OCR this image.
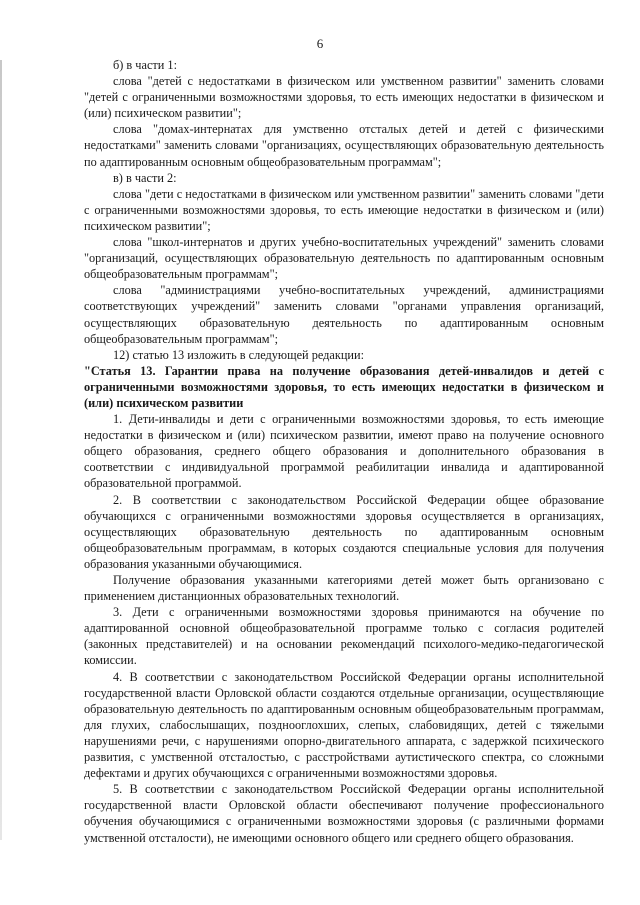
6

б) в части 1:

слова "детей с недостатками в физическом или умственном развитии" заменить словами "детей с ограниченными возможностями здоровья, то есть имеющих недостатки в физическом и (или) психическом развитии";

слова "домах-интернатах для умственно отсталых детей и детей с физическими недостатками" заменить словами "организациях, осуществляющих образовательную деятельность по адаптированным основным общеобразовательным программам";

в) в части 2:

слова "дети с недостатками в физическом или умственном развитии" заменить словами "дети с ограниченными возможностями здоровья, то есть имеющие недостатки в физическом и (или) психическом развитии";

слова "школ-интернатов и других учебно-воспитательных учреждений" заменить словами "организаций, осуществляющих образовательную деятельность по адаптированным основным общеобразовательным программам";

слова "администрациями учебно-воспитательных учреждений, администрациями соответствующих учреждений" заменить словами "органами управления организаций, осуществляющих образовательную деятельность по адаптированным основным общеобразовательным программам";

12) статью 13 изложить в следующей редакции:

"Статья 13. Гарантии права на получение образования детей-инвалидов и детей с ограниченными возможностями здоровья, то есть имеющих недостатки в физическом и (или) психическом развитии

1. Дети-инвалиды и дети с ограниченными возможностями здоровья, то есть имеющие недостатки в физическом и (или) психическом развитии, имеют право на получение основного общего образования, среднего общего образования и дополнительного образования в соответствии с индивидуальной программой реабилитации инвалида и адаптированной образовательной программой.

2. В соответствии с законодательством Российской Федерации общее образование обучающихся с ограниченными возможностями здоровья осуществляется в организациях, осуществляющих образовательную деятельность по адаптированным основным общеобразовательным программам, в которых создаются специальные условия для получения образования указанными обучающимися.

Получение образования указанными категориями детей может быть организовано с применением дистанционных образовательных технологий.

3. Дети с ограниченными возможностями здоровья принимаются на обучение по адаптированной основной общеобразовательной программе только с согласия родителей (законных представителей) и на основании рекомендаций психолого-медико-педагогической комиссии.

4. В соответствии с законодательством Российской Федерации органы исполнительной государственной власти Орловской области создаются отдельные организации, осуществляющие образовательную деятельность по адаптированным основным общеобразовательным программам, для глухих, слабослышащих, позднооглохших, слепых, слабовидящих, детей с тяжелыми нарушениями речи, с нарушениями опорно-двигательного аппарата, с задержкой психического развития, с умственной отсталостью, с расстройствами аутистического спектра, со сложными дефектами и других обучающихся с ограниченными возможностями здоровья.

5. В соответствии с законодательством Российской Федерации органы исполнительной государственной власти Орловской области обеспечивают получение профессионального обучения обучающимися с ограниченными возможностями здоровья (с различными формами умственной отсталости), не имеющими основного общего или среднего общего образования.
